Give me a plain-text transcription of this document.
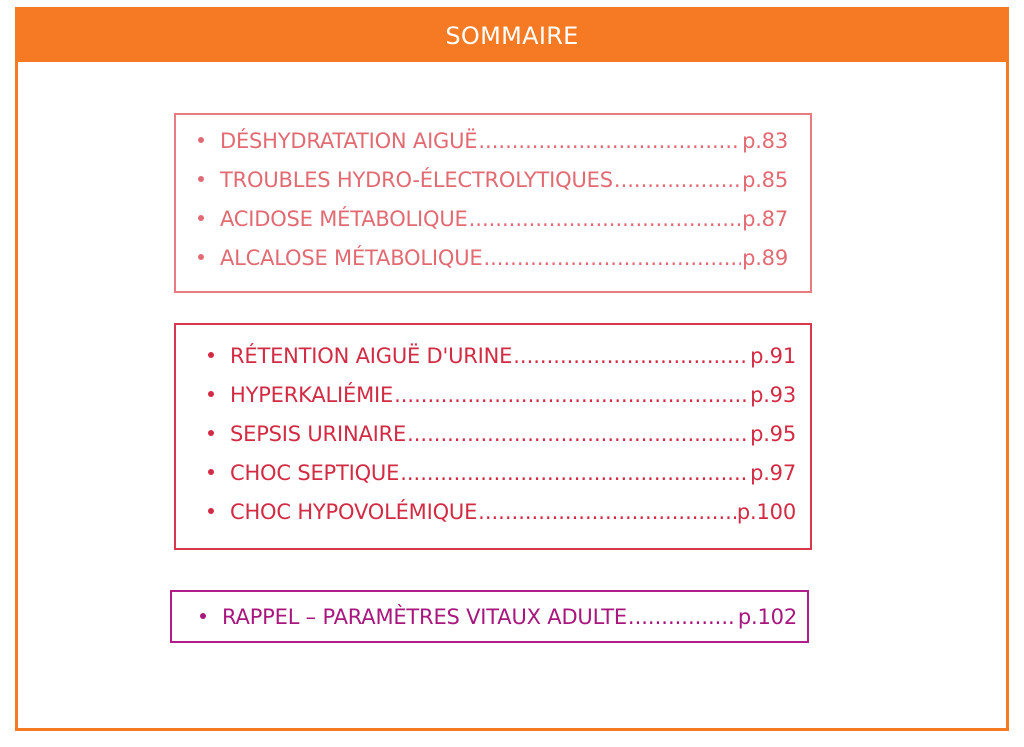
SOMMAIRE
DÉSHYDRATATION AIGUË .....	p.83
TROUBLES HYDRO-ÉLECTROLYTIQUES .....	p.85
ACIDOSE MÉTABOLIQUE .....	p.87
ALCALOSE MÉTABOLIQUE .....	p.89
RÉTENTION AIGUË D'URINE .....	p.91
HYPERKALIÉMIE .....	p.93
SEPSIS URINAIRE .....	p.95
CHOC SEPTIQUE .....	p.97
CHOC HYPOVOLÉMIQUE .....	p.100
RAPPEL – PARAMÈTRES VITAUX ADULTE .....	p.102
